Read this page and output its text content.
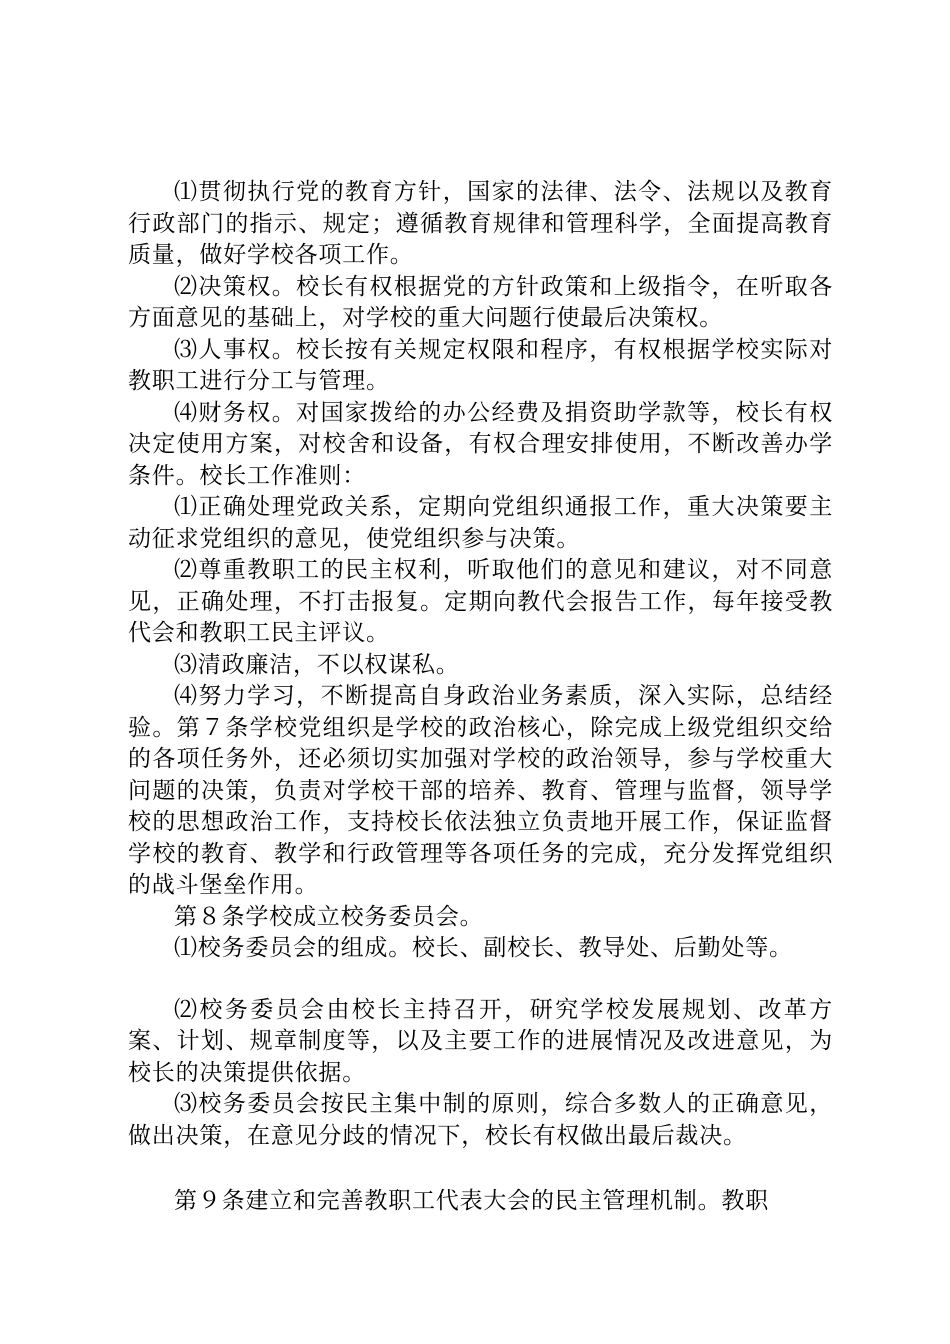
⑴贯彻执行党的教育方针，国家的法律、法令、法规以及教育行政部门的指示、规定；遵循教育规律和管理科学，全面提高教育质量，做好学校各项工作。

⑵决策权。校长有权根据党的方针政策和上级指令，在听取各方面意见的基础上，对学校的重大问题行使最后决策权。

⑶人事权。校长按有关规定权限和程序，有权根据学校实际对教职工进行分工与管理。

⑷财务权。对国家拨给的办公经费及捐资助学款等，校长有权决定使用方案，对校舍和设备，有权合理安排使用，不断改善办学条件。校长工作准则：

⑴正确处理党政关系，定期向党组织通报工作，重大决策要主动征求党组织的意见，使党组织参与决策。

⑵尊重教职工的民主权利，听取他们的意见和建议，对不同意见，正确处理，不打击报复。定期向教代会报告工作，每年接受教代会和教职工民主评议。

⑶清政廉洁，不以权谋私。

⑷努力学习，不断提高自身政治业务素质，深入实际，总结经验。第７条学校党组织是学校的政治核心，除完成上级党组织交给的各项任务外，还必须切实加强对学校的政治领导，参与学校重大问题的决策，负责对学校干部的培养、教育、管理与监督，领导学校的思想政治工作，支持校长依法独立负责地开展工作，保证监督学校的教育、教学和行政管理等各项任务的完成，充分发挥党组织的战斗堡垒作用。

第８条学校成立校务委员会。

⑴校务委员会的组成。校长、副校长、教导处、后勤处等。

⑵校务委员会由校长主持召开，研究学校发展规划、改革方案、计划、规章制度等，以及主要工作的进展情况及改进意见，为校长的决策提供依据。

⑶校务委员会按民主集中制的原则，综合多数人的正确意见，做出决策，在意见分歧的情况下，校长有权做出最后裁决。

第９条建立和完善教职工代表大会的民主管理机制。教职
